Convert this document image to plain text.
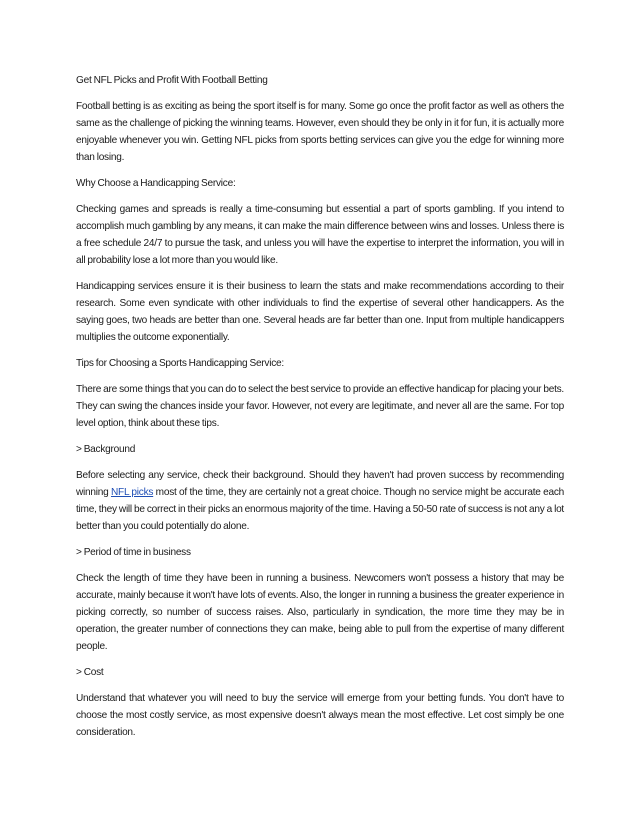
Get NFL Picks and Profit With Football Betting

Football betting is as exciting as being the sport itself is for many. Some go once the profit factor as well as others the same as the challenge of picking the winning teams. However, even should they be only in it for fun, it is actually more enjoyable whenever you win. Getting NFL picks from sports betting services can give you the edge for winning more than losing.

Why Choose a Handicapping Service:

Checking games and spreads is really a time-consuming but essential a part of sports gambling. If you intend to accomplish much gambling by any means, it can make the main difference between wins and losses. Unless there is a free schedule 24/7 to pursue the task, and unless you will have the expertise to interpret the information, you will in all probability lose a lot more than you would like.

Handicapping services ensure it is their business to learn the stats and make recommendations according to their research. Some even syndicate with other individuals to find the expertise of several other handicappers. As the saying goes, two heads are better than one. Several heads are far better than one. Input from multiple handicappers multiplies the outcome exponentially.

Tips for Choosing a Sports Handicapping Service:

There are some things that you can do to select the best service to provide an effective handicap for placing your bets. They can swing the chances inside your favor. However, not every are legitimate, and never all are the same. For top level option, think about these tips.

> Background

Before selecting any service, check their background. Should they haven't had proven success by recommending winning NFL picks most of the time, they are certainly not a great choice. Though no service might be accurate each time, they will be correct in their picks an enormous majority of the time. Having a 50-50 rate of success is not any a lot better than you could potentially do alone.

> Period of time in business

Check the length of time they have been in running a business. Newcomers won't possess a history that may be accurate, mainly because it won't have lots of events. Also, the longer in running a business the greater experience in picking correctly, so number of success raises. Also, particularly in syndication, the more time they may be in operation, the greater number of connections they can make, being able to pull from the expertise of many different people.

> Cost

Understand that whatever you will need to buy the service will emerge from your betting funds. You don't have to choose the most costly service, as most expensive doesn't always mean the most effective. Let cost simply be one consideration.
